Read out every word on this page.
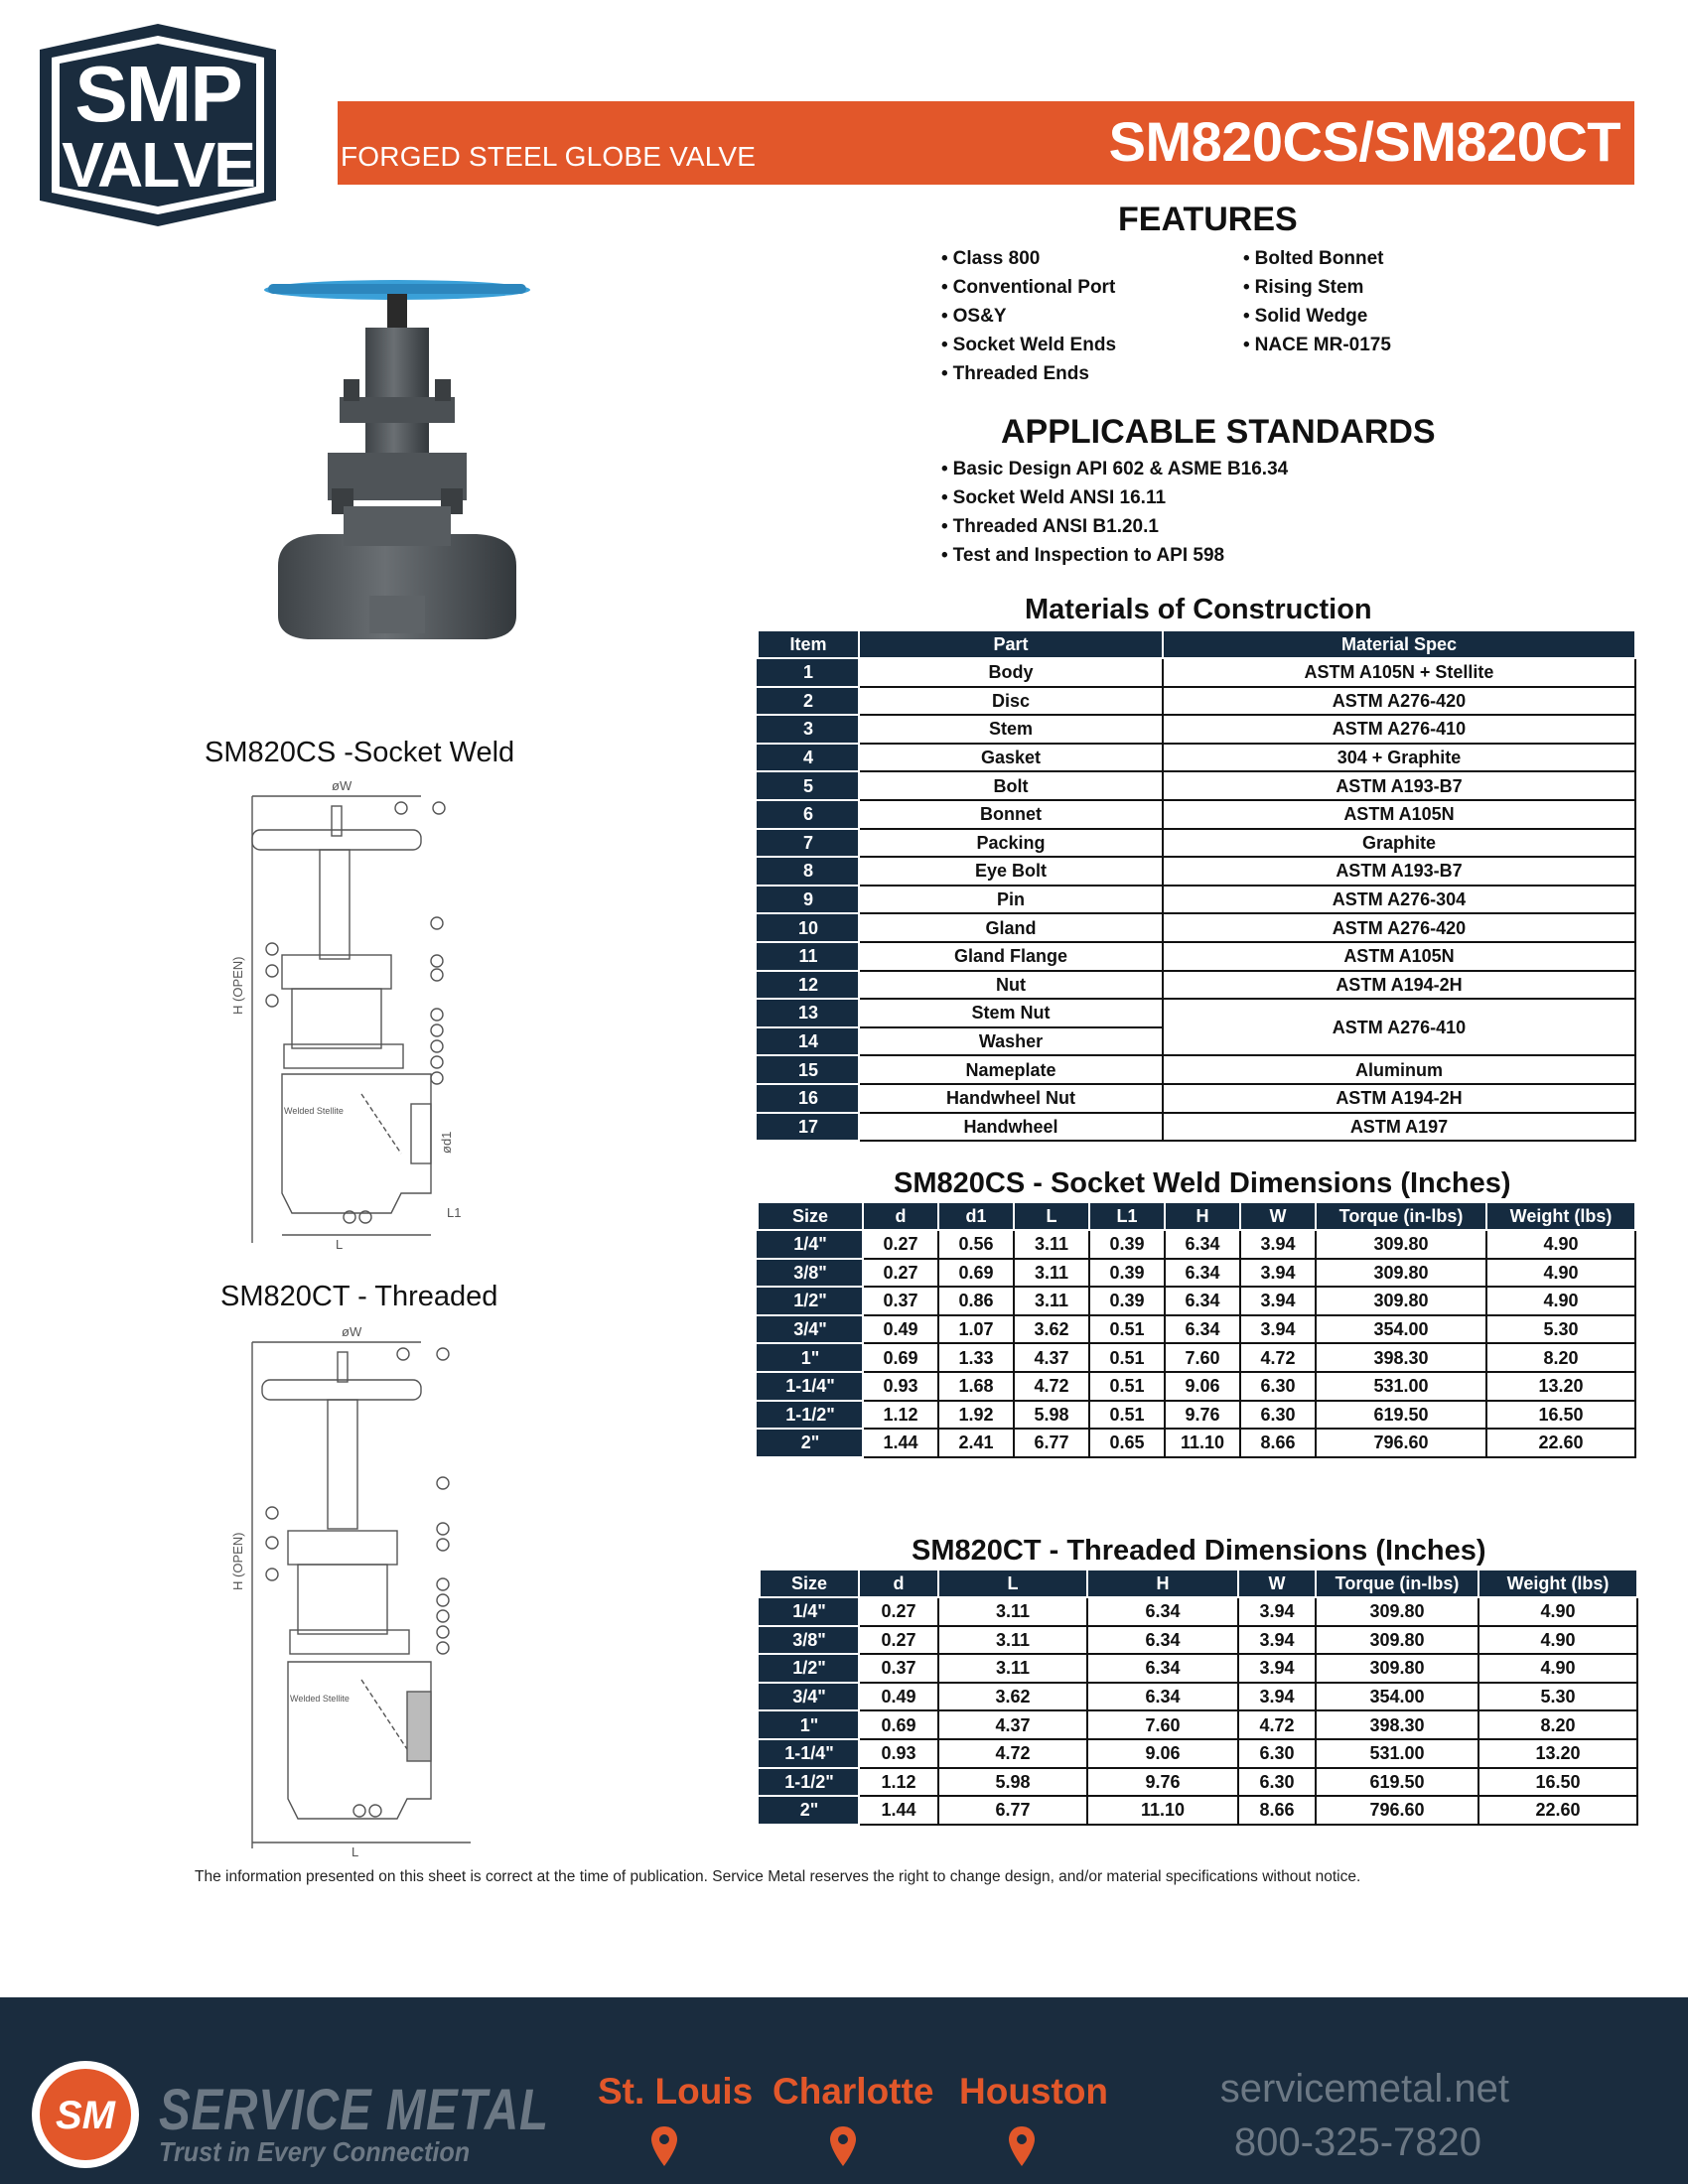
SMP
VALVE	FORGED STEEL GLOBE VALVE	SM820CS/SM820CT
FEATURES
• Class 800
• Conventional Port
• OS&Y
• Socket Weld Ends
• Threaded Ends
• Bolted Bonnet
• Rising Stem
• Solid Wedge
• NACE MR-0175
APPLICABLE STANDARDS
• Basic Design API 602 & ASME B16.34
• Socket Weld ANSI 16.11
• Threaded ANSI B1.20.1
• Test and Inspection to API 598
Materials of Construction
Item	Part	Material Spec
1	Body	ASTM A105N + Stellite
2	Disc	ASTM A276-420
3	Stem	ASTM A276-410
4	Gasket	304 + Graphite
5	Bolt	ASTM A193-B7
6	Bonnet	ASTM A105N
7	Packing	Graphite
8	Eye Bolt	ASTM A193-B7
9	Pin	ASTM A276-304
10	Gland	ASTM A276-420
11	Gland Flange	ASTM A105N
12	Nut	ASTM A194-2H
13	Stem Nut	ASTM A276-410
14	Washer	
15	Nameplate	Aluminum
16	Handwheel Nut	ASTM A194-2H
17	Handwheel	ASTM A197
SM820CS -Socket Weld
øW
H (OPEN)
Welded Stellite
L
L1
ød1
SM820CS - Socket Weld Dimensions (Inches)
Size	d	d1	L	L1	H	W	Torque (in-lbs)	Weight (lbs)
1/4"	0.27	0.56	3.11	0.39	6.34	3.94	309.80	4.90
3/8"	0.27	0.69	3.11	0.39	6.34	3.94	309.80	4.90
1/2"	0.37	0.86	3.11	0.39	6.34	3.94	309.80	4.90
3/4"	0.49	1.07	3.62	0.51	6.34	3.94	354.00	5.30
1"	0.69	1.33	4.37	0.51	7.60	4.72	398.30	8.20
1-1/4"	0.93	1.68	4.72	0.51	9.06	6.30	531.00	13.20
1-1/2"	1.12	1.92	5.98	0.51	9.76	6.30	619.50	16.50
2"	1.44	2.41	6.77	0.65	11.10	8.66	796.60	22.60
SM820CT - Threaded
øW
H (OPEN)
Welded Stellite
L
SM820CT - Threaded Dimensions (Inches)
Size	d	L	H	W	Torque (in-lbs)	Weight (lbs)
1/4"	0.27	3.11	6.34	3.94	309.80	4.90
3/8"	0.27	3.11	6.34	3.94	309.80	4.90
1/2"	0.37	3.11	6.34	3.94	309.80	4.90
3/4"	0.49	3.62	6.34	3.94	354.00	5.30
1"	0.69	4.37	7.60	4.72	398.30	8.20
1-1/4"	0.93	4.72	9.06	6.30	531.00	13.20
1-1/2"	1.12	5.98	9.76	6.30	619.50	16.50
2"	1.44	6.77	11.10	8.66	796.60	22.60
The information presented on this sheet is correct at the time of publication. Service Metal reserves the right to change design, and/or material specifications without notice.
SM SERVICE METAL
Trust in Every Connection
St. Louis Charlotte Houston	servicemetal.net
800-325-7820
